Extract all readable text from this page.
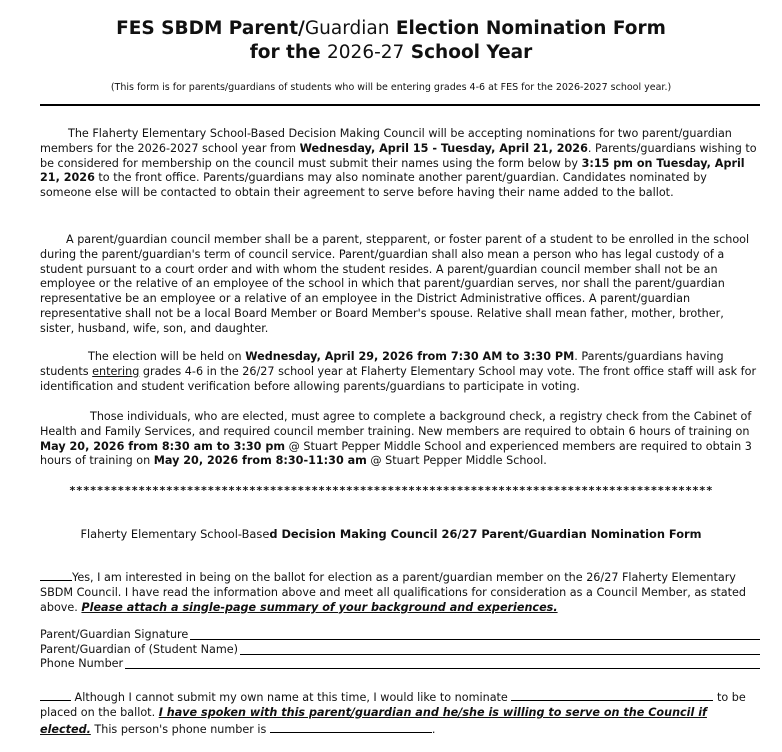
FES SBDM Parent/Guardian Election Nomination Form
for the 2026-27 School Year
(This form is for parents/guardians of students who will be entering grades 4-6 at FES for the 2026-2027 school year.)
The Flaherty Elementary School-Based Decision Making Council will be accepting nominations for two parent/guardian members for the 2026-2027 school year from Wednesday, April 15 - Tuesday, April 21, 2026. Parents/guardians wishing to be considered for membership on the council must submit their names using the form below by 3:15 pm on Tuesday, April 21, 2026 to the front office. Parents/guardians may also nominate another parent/guardian. Candidates nominated by someone else will be contacted to obtain their agreement to serve before having their name added to the ballot.
A parent/guardian council member shall be a parent, stepparent, or foster parent of a student to be enrolled in the school during the parent/guardian's term of council service. Parent/guardian shall also mean a person who has legal custody of a student pursuant to a court order and with whom the student resides. A parent/guardian council member shall not be an employee or the relative of an employee of the school in which that parent/guardian serves, nor shall the parent/guardian representative be an employee or a relative of an employee in the District Administrative offices. A parent/guardian representative shall not be a local Board Member or Board Member's spouse. Relative shall mean father, mother, brother, sister, husband, wife, son, and daughter.
The election will be held on Wednesday, April 29, 2026 from 7:30 AM to 3:30 PM. Parents/guardians having students entering grades 4-6 in the 26/27 school year at Flaherty Elementary School may vote. The front office staff will ask for identification and student verification before allowing parents/guardians to participate in voting.
Those individuals, who are elected, must agree to complete a background check, a registry check from the Cabinet of Health and Family Services, and required council member training. New members are required to obtain 6 hours of training on May 20, 2026 from 8:30 am to 3:30 pm @ Stuart Pepper Middle School and experienced members are required to obtain 3 hours of training on May 20, 2026 from 8:30-11:30 am @ Stuart Pepper Middle School.
*********************************************************************************************
Flaherty Elementary School-Based Decision Making Council 26/27 Parent/Guardian Nomination Form
Yes, I am interested in being on the ballot for election as a parent/guardian member on the 26/27 Flaherty Elementary SBDM Council. I have read the information above and meet all qualifications for consideration as a Council Member, as stated above. Please attach a single-page summary of your background and experiences.
Parent/Guardian Signature
Parent/Guardian of (Student Name)
Phone Number
Although I cannot submit my own name at this time, I would like to nominate	to be placed on the ballot. I have spoken with this parent/guardian and he/she is willing to serve on the Council if elected. This person's phone number is	.
